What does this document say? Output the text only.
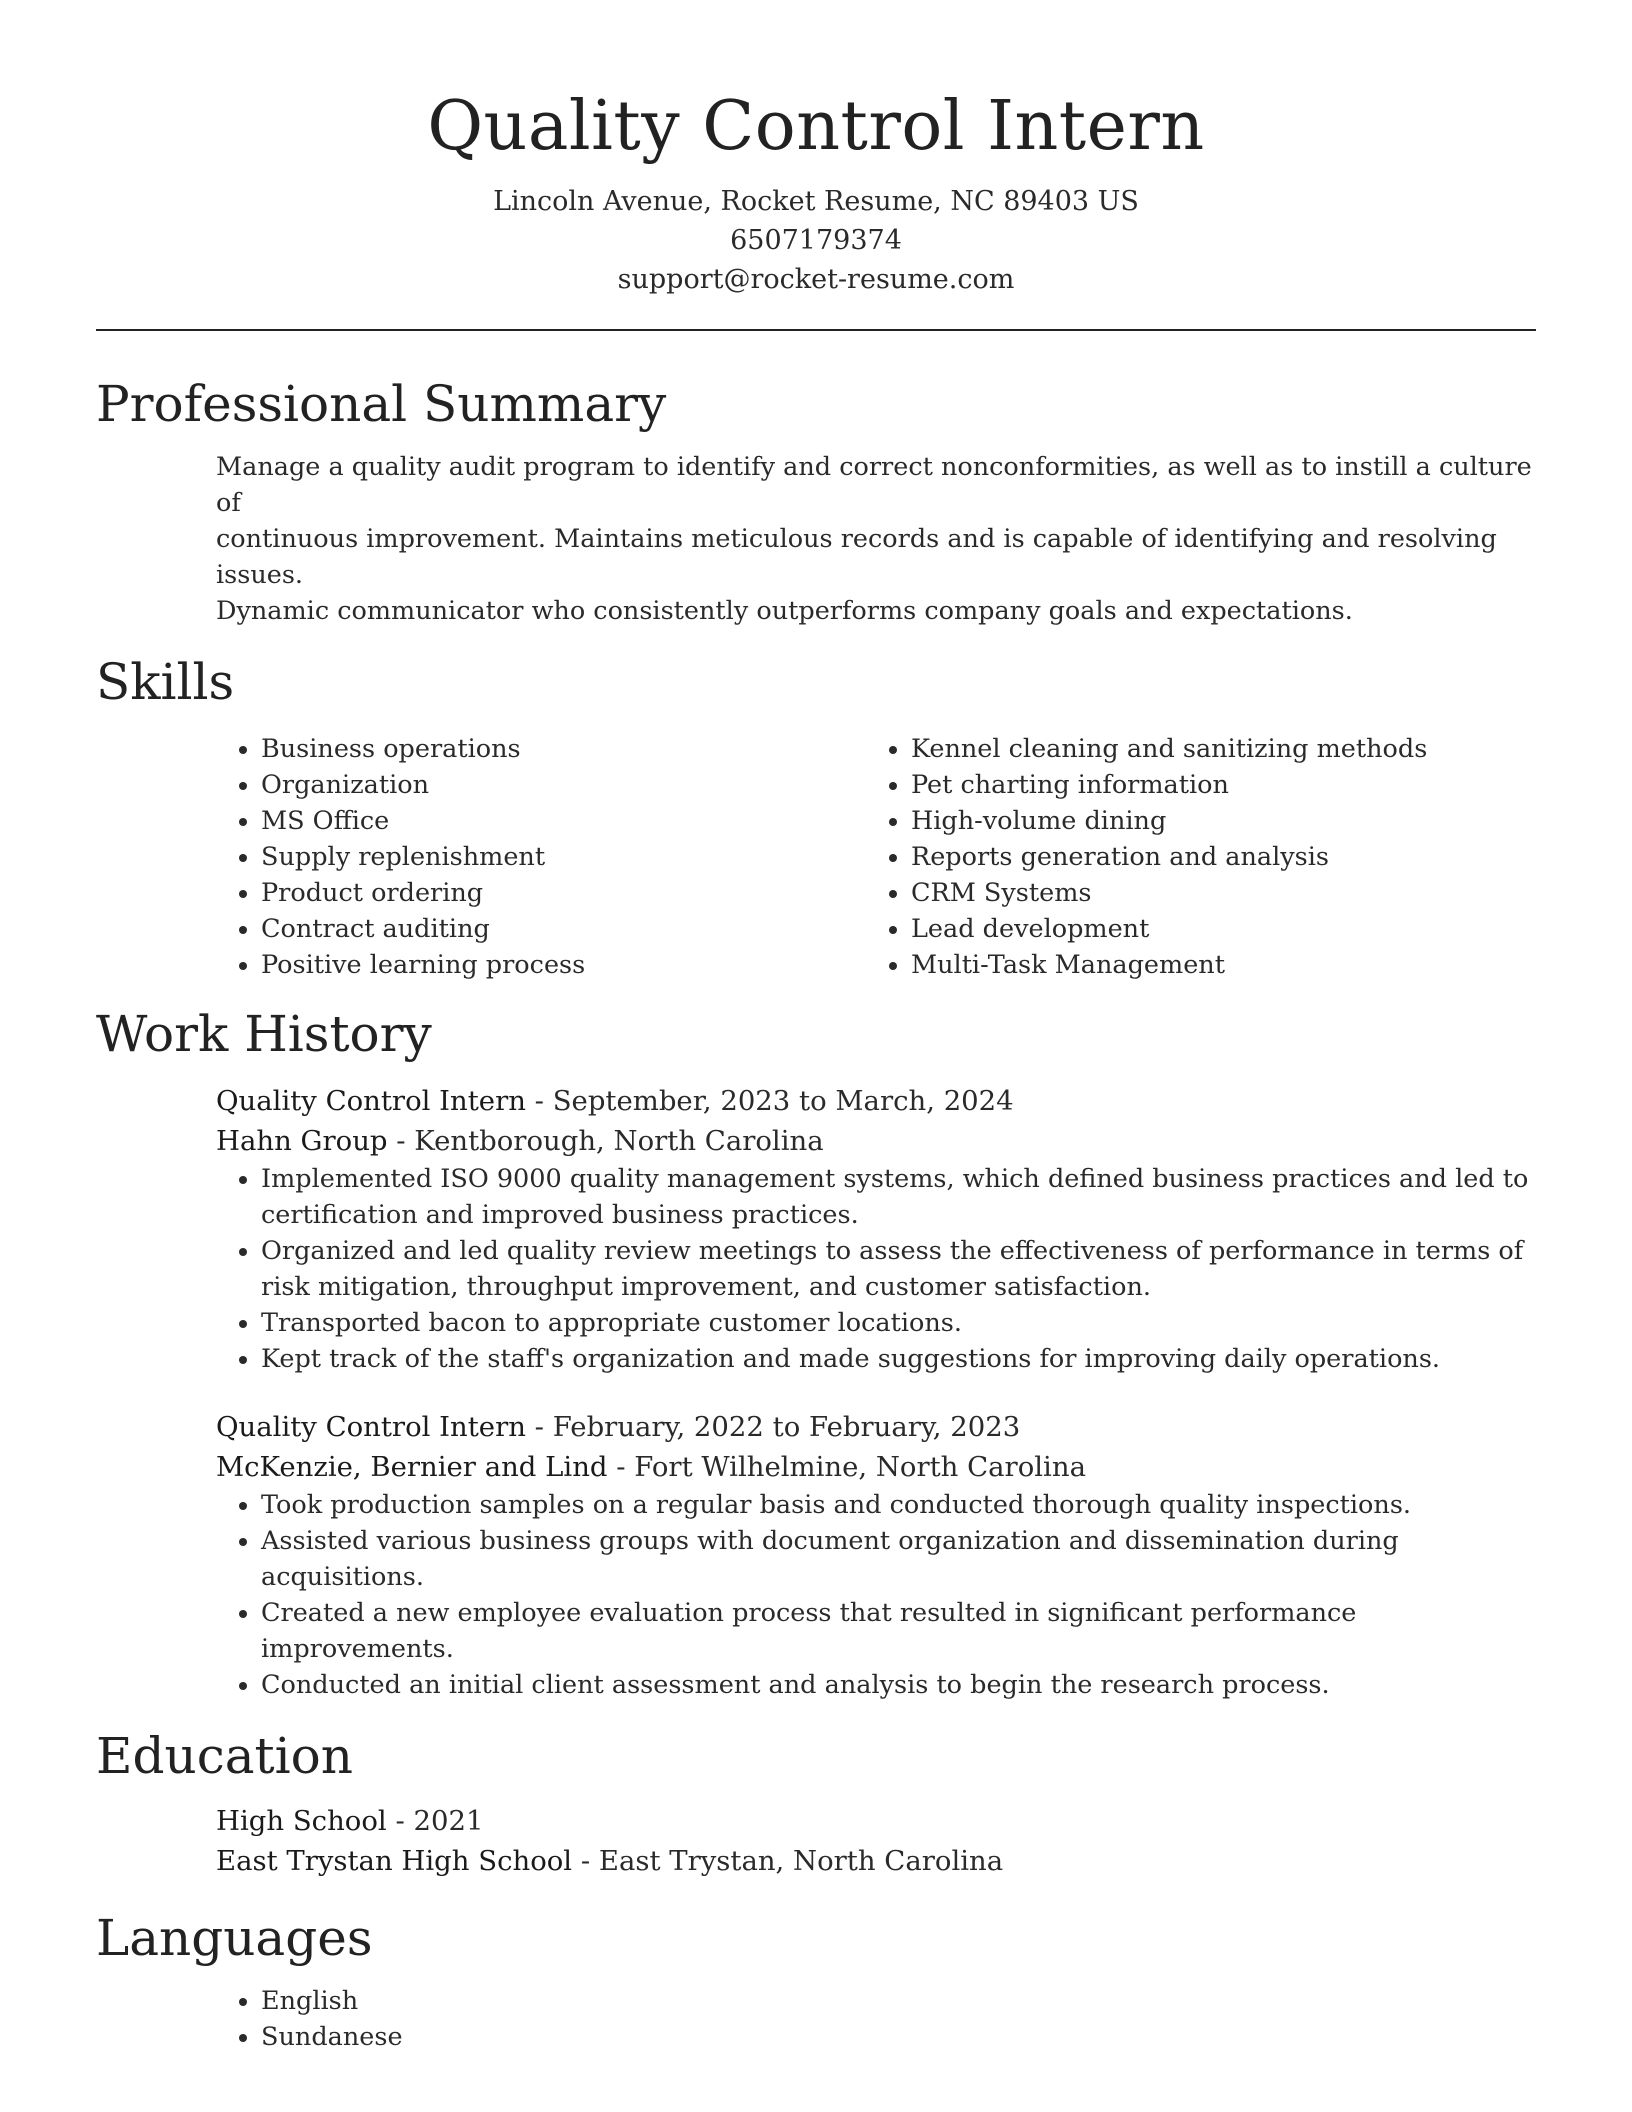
Quality Control Intern
Lincoln Avenue, Rocket Resume, NC 89403 US
6507179374
support@rocket-resume.com
Professional Summary
Manage a quality audit program to identify and correct nonconformities, as well as to instill a culture of
continuous improvement. Maintains meticulous records and is capable of identifying and resolving issues.
Dynamic communicator who consistently outperforms company goals and expectations.
Skills
• Business operations
• Organization
• MS Office
• Supply replenishment
• Product ordering
• Contract auditing
• Positive learning process
• Kennel cleaning and sanitizing methods
• Pet charting information
• High-volume dining
• Reports generation and analysis
• CRM Systems
• Lead development
• Multi-Task Management
Work History
Quality Control Intern - September, 2023 to March, 2024
Hahn Group - Kentborough, North Carolina
• Implemented ISO 9000 quality management systems, which defined business practices and led to certification and improved business practices.
• Organized and led quality review meetings to assess the effectiveness of performance in terms of risk mitigation, throughput improvement, and customer satisfaction.
• Transported bacon to appropriate customer locations.
• Kept track of the staff's organization and made suggestions for improving daily operations.
Quality Control Intern - February, 2022 to February, 2023
McKenzie, Bernier and Lind - Fort Wilhelmine, North Carolina
• Took production samples on a regular basis and conducted thorough quality inspections.
• Assisted various business groups with document organization and dissemination during acquisitions.
• Created a new employee evaluation process that resulted in significant performance improvements.
• Conducted an initial client assessment and analysis to begin the research process.
Education
High School - 2021
East Trystan High School - East Trystan, North Carolina
Languages
• English
• Sundanese
